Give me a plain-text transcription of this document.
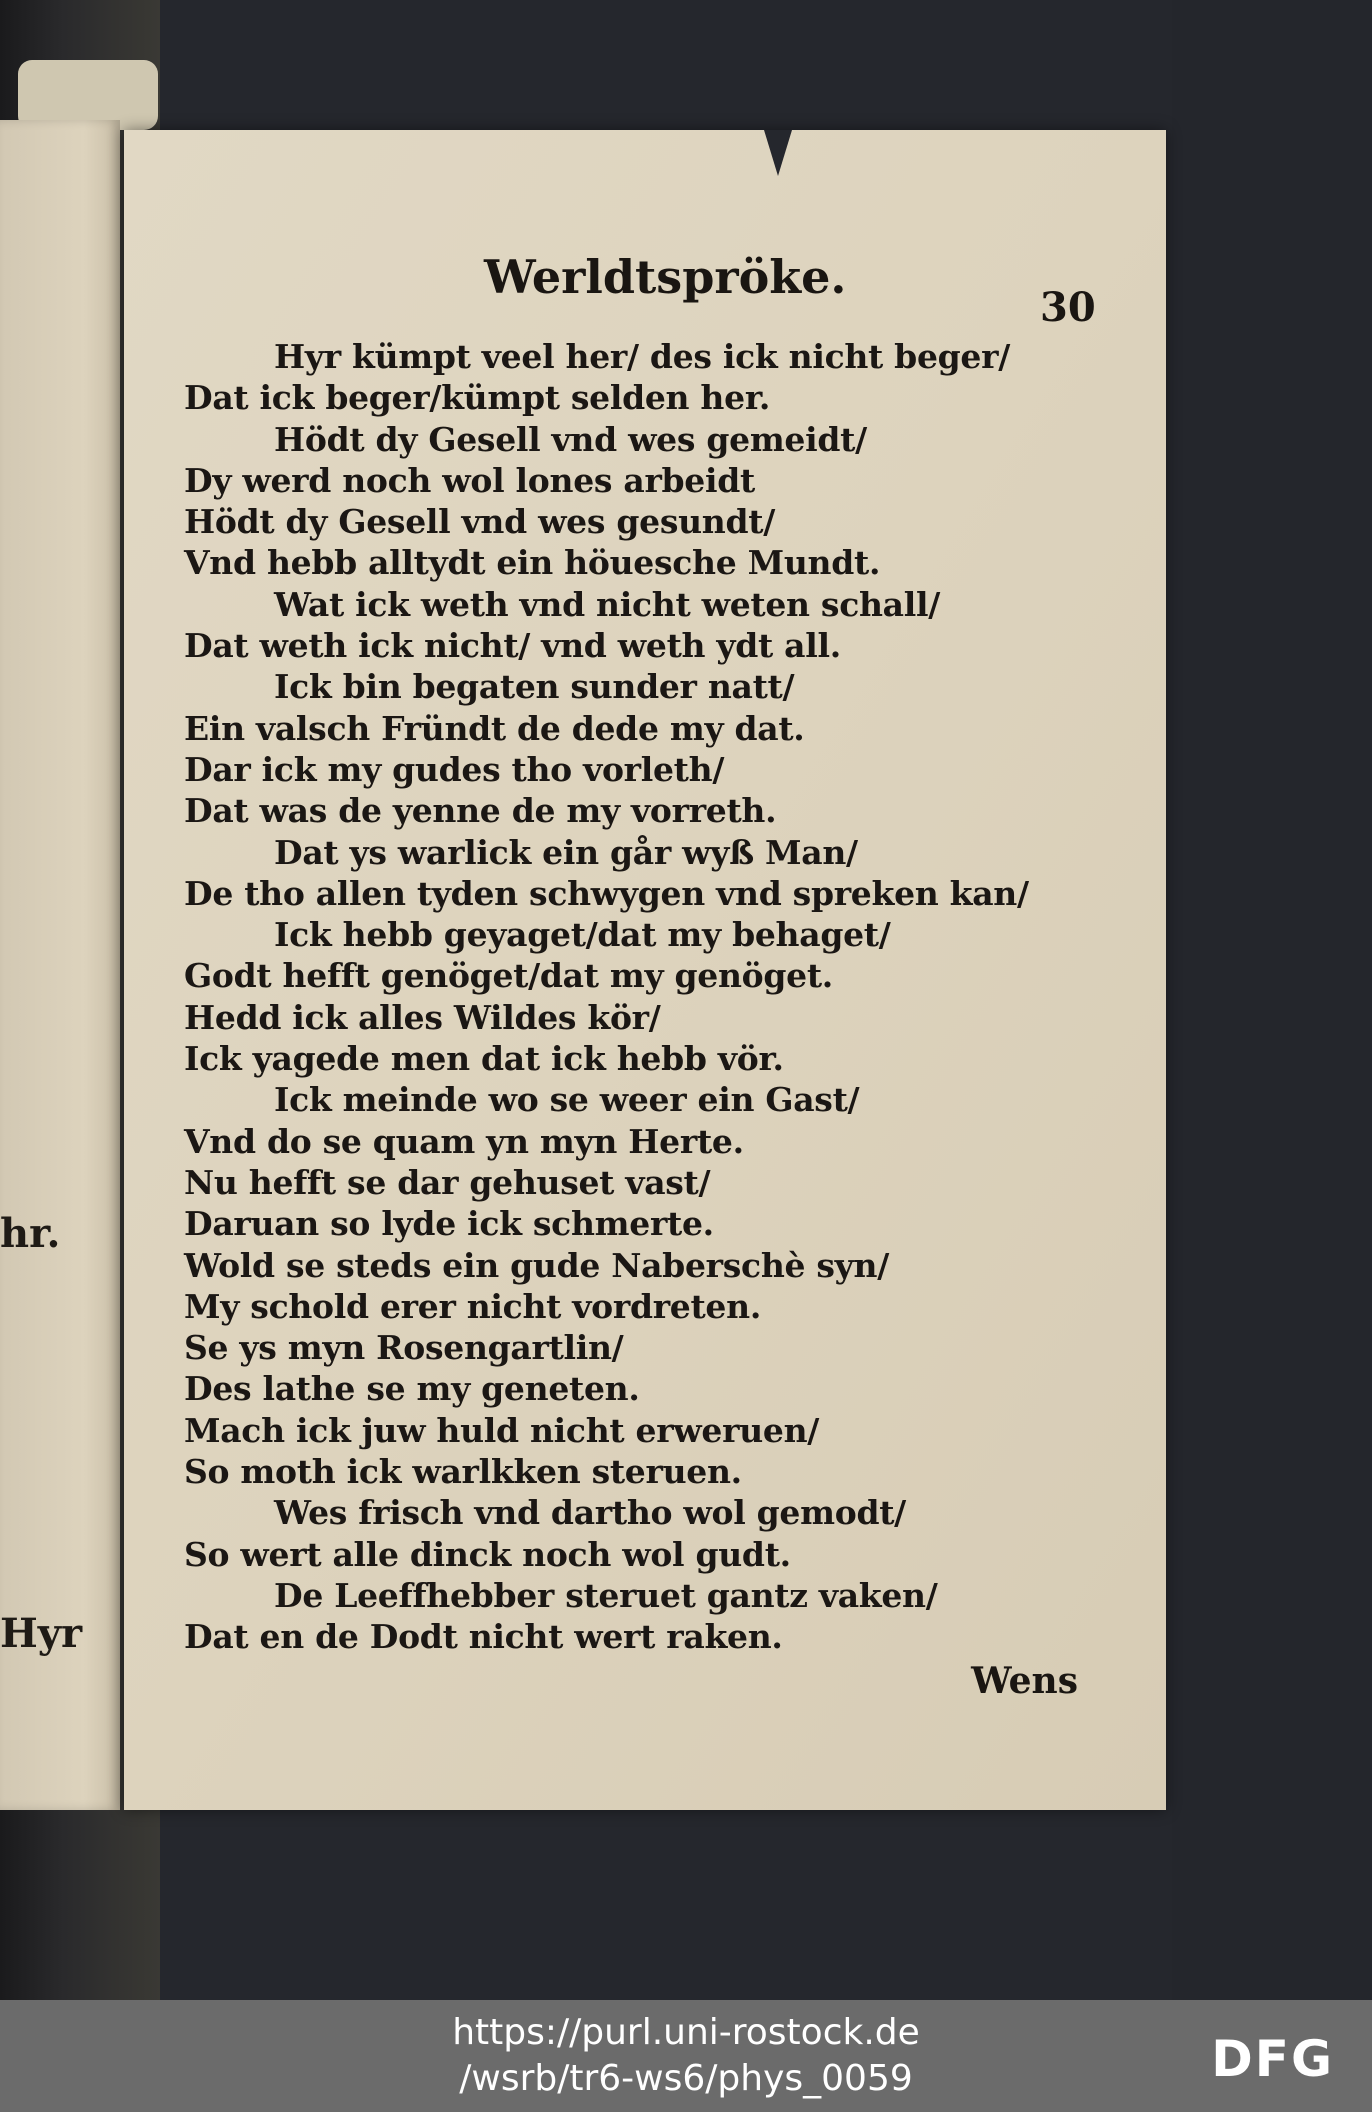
hr.
Hyr
Werldtspröke.
30
Hyr kümpt veel her/ des ick nicht beger/
Dat ick beger/kümpt selden her.
Hödt dy Gesell vnd wes gemeidt/
Dy werd noch wol lones arbeidt
Hödt dy Gesell vnd wes gesundt/
Vnd hebb alltydt ein höuesche Mundt.
Wat ick weth vnd nicht weten schall/
Dat weth ick nicht/ vnd weth ydt all.
Ick bin begaten sunder natt/
Ein valsch Fründt de dede my dat.
Dar ick my gudes tho vorleth/
Dat was de yenne de my vorreth.
Dat ys warlick ein går wyß Man/
De tho allen tyden schwygen vnd spreken kan/
Ick hebb geyaget/dat my behaget/
Godt hefft genöget/dat my genöget.
Hedd ick alles Wildes kör/
Ick yagede men dat ick hebb vör.
Ick meinde wo se weer ein Gast/
Vnd do se quam yn myn Herte.
Nu hefft se dar gehuset vast/
Daruan so lyde ick schmerte.
Wold se steds ein gude Naberschè syn/
My schold erer nicht vordreten.
Se ys myn Rosengartlin/
Des lathe se my geneten.
Mach ick juw huld nicht erweruen/
So moth ick warlkken steruen.
Wes frisch vnd dartho wol gemodt/
So wert alle dinck noch wol gudt.
De Leeffhebber steruet gantz vaken/
Dat en de Dodt nicht wert raken.
Wens
https://purl.uni-rostock.de
/wsrb/tr6-ws6/phys_0059	DFG
